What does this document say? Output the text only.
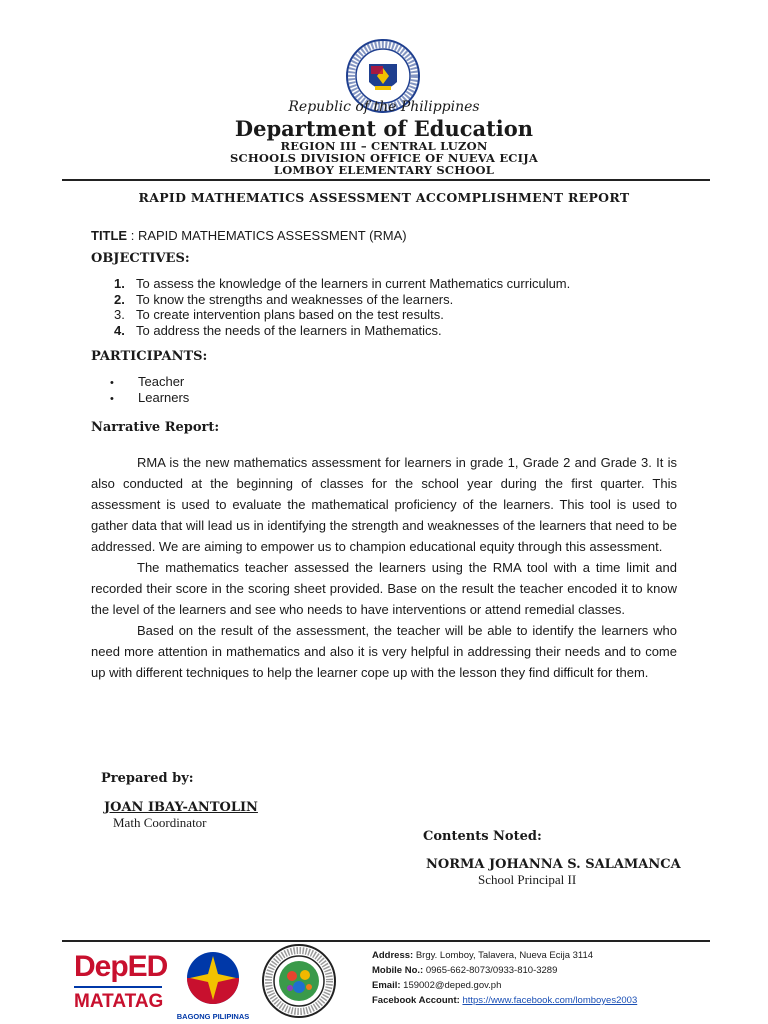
Republic of the Philippines
Department of Education
REGION III – CENTRAL LUZON
SCHOOLS DIVISION OFFICE OF NUEVA ECIJA
LOMBOY ELEMENTARY SCHOOL
RAPID MATHEMATICS ASSESSMENT ACCOMPLISHMENT REPORT
TITLE : RAPID MATHEMATICS ASSESSMENT (RMA)
OBJECTIVES:
1. To assess the knowledge of the learners in current Mathematics curriculum.
2. To know the strengths and weaknesses of the learners.
3. To create intervention plans based on the test results.
4. To address the needs of the learners in Mathematics.
PARTICIPANTS:
• Teacher
• Learners
Narrative Report:

RMA is the new mathematics assessment for learners in grade 1, Grade 2 and Grade 3. It is also conducted at the beginning of classes for the school year during the first quarter. This assessment is used to evaluate the mathematical proficiency of the learners. This tool is used to gather data that will lead us in identifying the strength and weaknesses of the learners that need to be addressed. We are aiming to empower us to champion educational equity through this assessment.

The mathematics teacher assessed the learners using the RMA tool with a time limit and recorded their score in the scoring sheet provided. Base on the result the teacher encoded it to know the level of the learners and see who needs to have interventions or attend remedial classes.

Based on the result of the assessment, the teacher will be able to identify the learners who need more attention in mathematics and also it is very helpful in addressing their needs and to come up with different techniques to help the learner cope up with the lesson they find difficult for them.

Prepared by:
JOAN IBAY-ANTOLIN
Math Coordinator
Contents Noted:
NORMA JOHANNA S. SALAMANCA
School Principal II
DepED
MATATAG
BAGONG PILIPINAS
Address: Brgy. Lomboy, Talavera, Nueva Ecija 3114
Mobile No.: 0965-662-8073/0933-810-3289
Email: 159002@deped.gov.ph
Facebook Account: https://www.facebook.com/lomboyes2003
